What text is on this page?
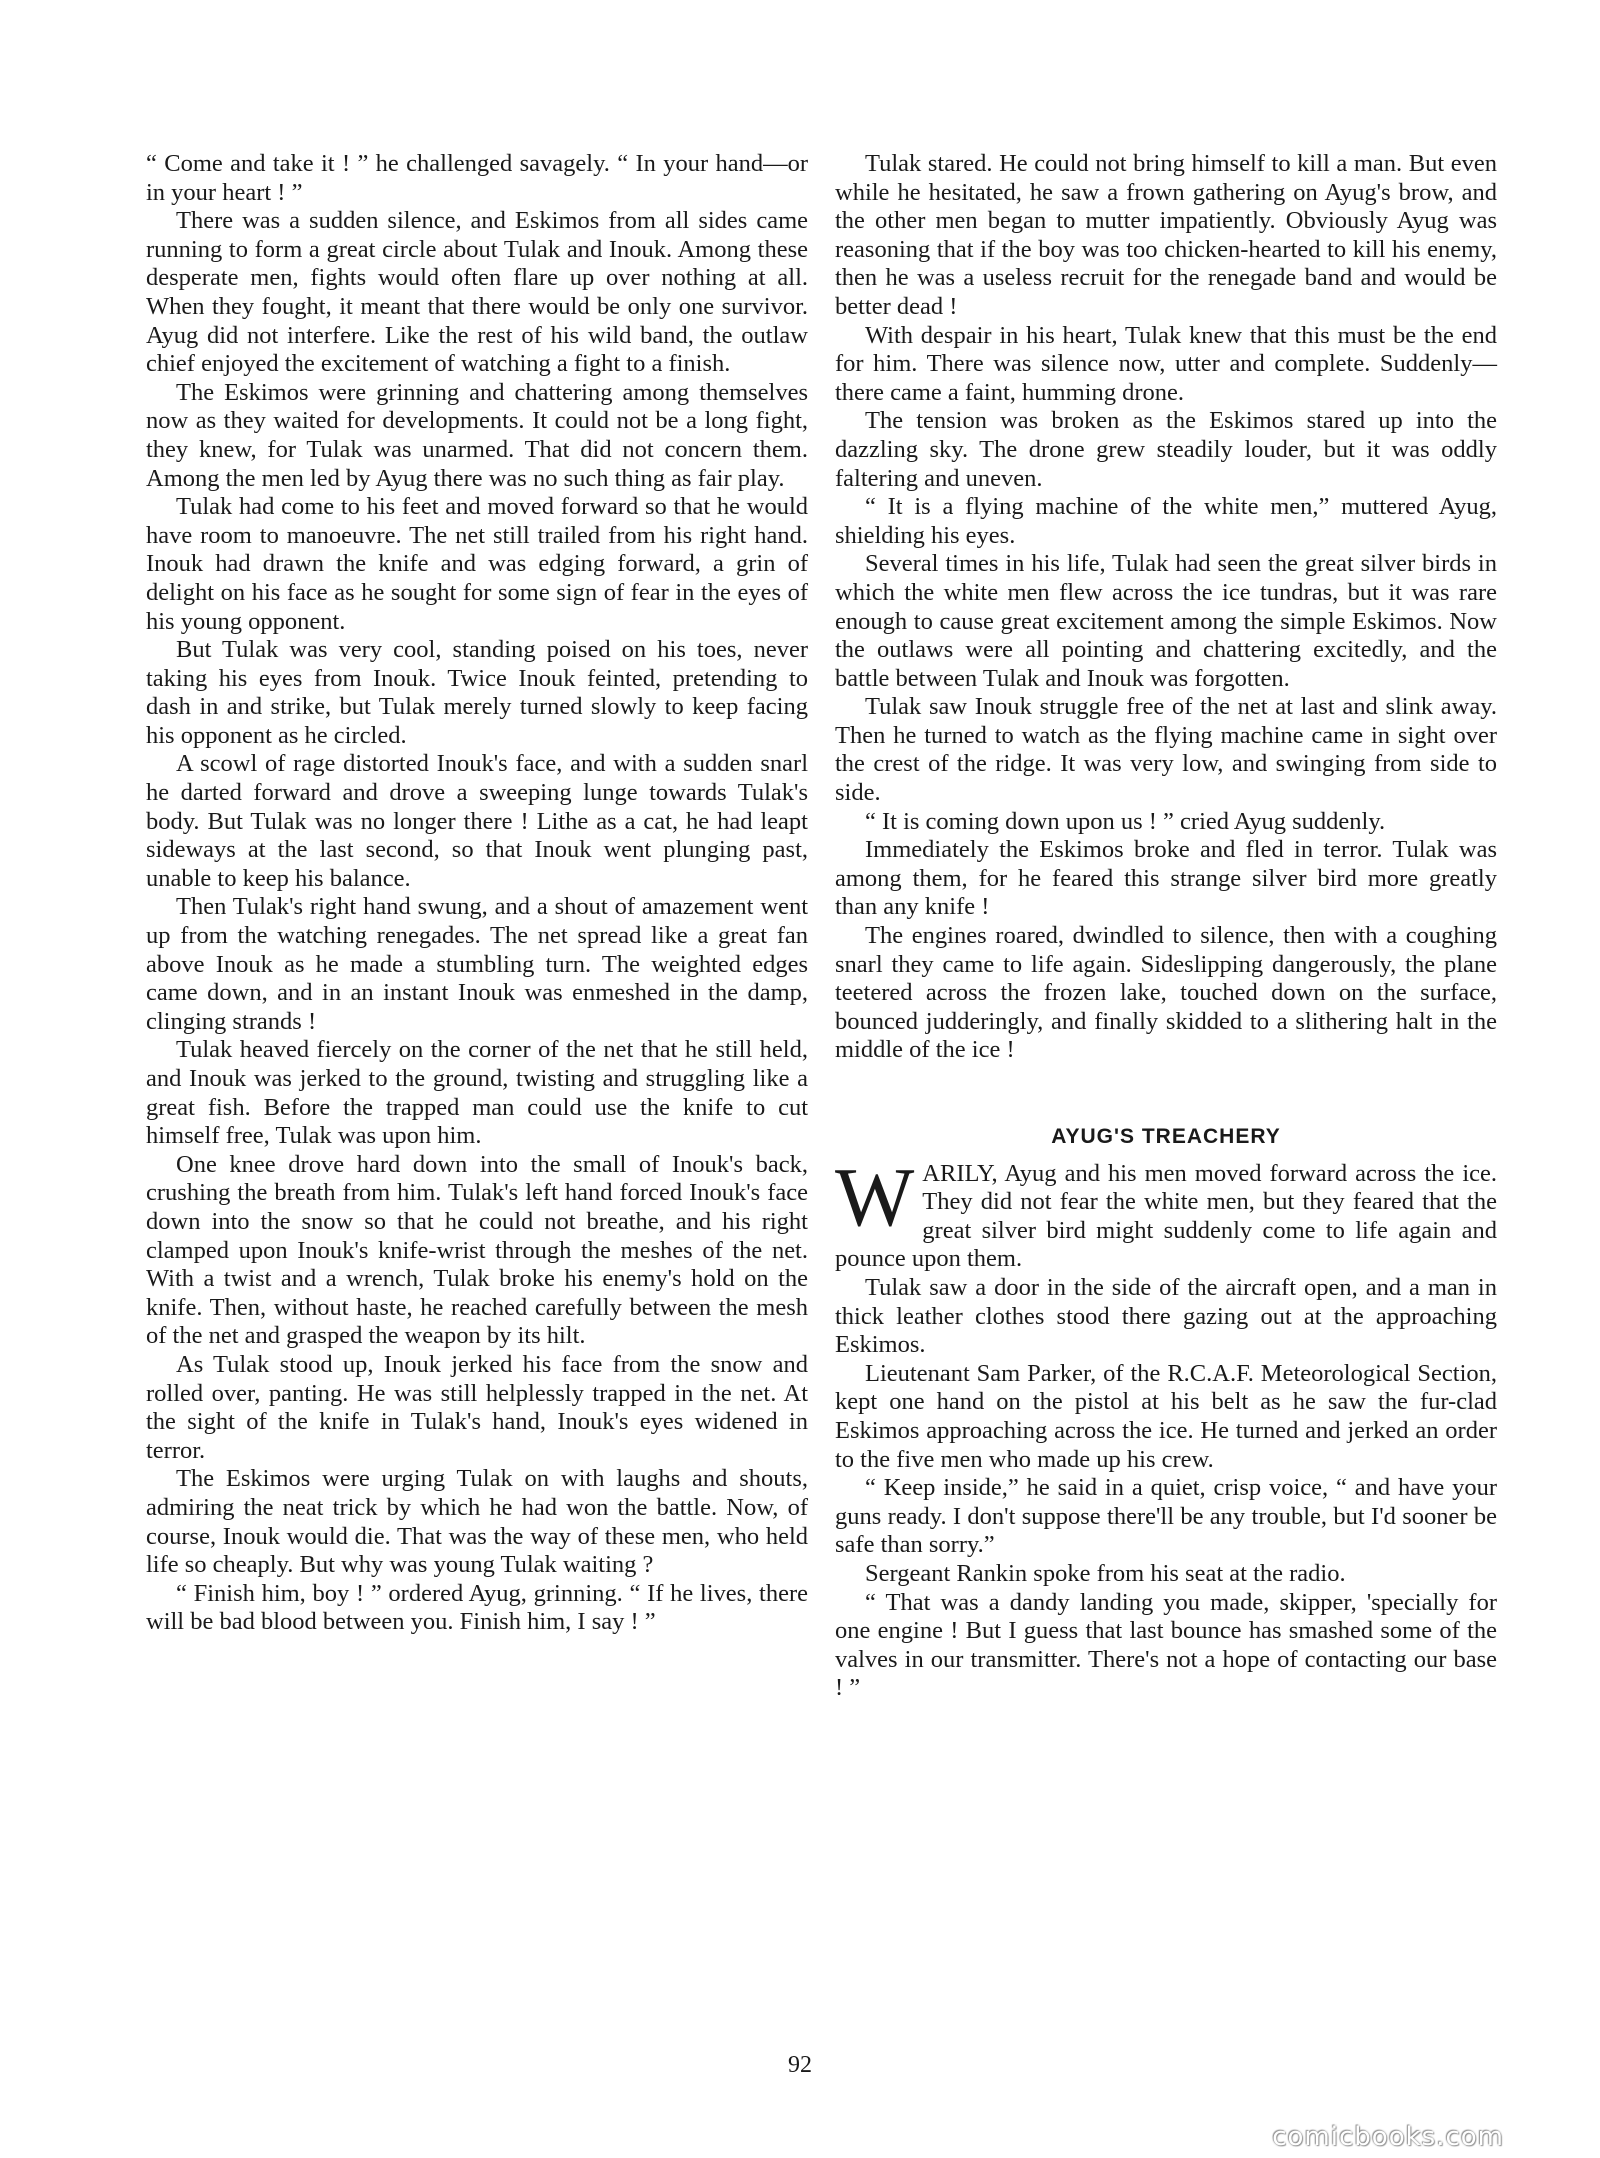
“ Come and take it ! ” he challenged savagely. “ In your hand—or in your heart ! ”

There was a sudden silence, and Eskimos from all sides came running to form a great circle about Tulak and Inouk. Among these desperate men, fights would often flare up over nothing at all. When they fought, it meant that there would be only one survivor. Ayug did not interfere. Like the rest of his wild band, the outlaw chief enjoyed the excitement of watching a fight to a finish.

The Eskimos were grinning and chattering among themselves now as they waited for developments. It could not be a long fight, they knew, for Tulak was unarmed. That did not concern them. Among the men led by Ayug there was no such thing as fair play.

Tulak had come to his feet and moved forward so that he would have room to manoeuvre. The net still trailed from his right hand. Inouk had drawn the knife and was edging forward, a grin of delight on his face as he sought for some sign of fear in the eyes of his young opponent.

But Tulak was very cool, standing poised on his toes, never taking his eyes from Inouk. Twice Inouk feinted, pretending to dash in and strike, but Tulak merely turned slowly to keep facing his opponent as he circled.

A scowl of rage distorted Inouk's face, and with a sudden snarl he darted forward and drove a sweeping lunge towards Tulak's body. But Tulak was no longer there ! Lithe as a cat, he had leapt sideways at the last second, so that Inouk went plunging past, unable to keep his balance.

Then Tulak's right hand swung, and a shout of amazement went up from the watching renegades. The net spread like a great fan above Inouk as he made a stumbling turn. The weighted edges came down, and in an instant Inouk was enmeshed in the damp, clinging strands !

Tulak heaved fiercely on the corner of the net that he still held, and Inouk was jerked to the ground, twisting and struggling like a great fish. Before the trapped man could use the knife to cut himself free, Tulak was upon him.

One knee drove hard down into the small of Inouk's back, crushing the breath from him. Tulak's left hand forced Inouk's face down into the snow so that he could not breathe, and his right clamped upon Inouk's knife-wrist through the meshes of the net. With a twist and a wrench, Tulak broke his enemy's hold on the knife. Then, without haste, he reached carefully between the mesh of the net and grasped the weapon by its hilt.

As Tulak stood up, Inouk jerked his face from the snow and rolled over, panting. He was still helplessly trapped in the net. At the sight of the knife in Tulak's hand, Inouk's eyes widened in terror.

The Eskimos were urging Tulak on with laughs and shouts, admiring the neat trick by which he had won the battle. Now, of course, Inouk would die. That was the way of these men, who held life so cheaply. But why was young Tulak waiting ?

“ Finish him, boy ! ” ordered Ayug, grinning. “ If he lives, there will be bad blood between you. Finish him, I say ! ”

Tulak stared. He could not bring himself to kill a man. But even while he hesitated, he saw a frown gathering on Ayug's brow, and the other men began to mutter impatiently. Obviously Ayug was reasoning that if the boy was too chicken-hearted to kill his enemy, then he was a useless recruit for the renegade band and would be better dead !

With despair in his heart, Tulak knew that this must be the end for him. There was silence now, utter and complete. Suddenly—there came a faint, humming drone.

The tension was broken as the Eskimos stared up into the dazzling sky. The drone grew steadily louder, but it was oddly faltering and uneven.

“ It is a flying machine of the white men,” muttered Ayug, shielding his eyes.

Several times in his life, Tulak had seen the great silver birds in which the white men flew across the ice tundras, but it was rare enough to cause great excitement among the simple Eskimos. Now the outlaws were all pointing and chattering excitedly, and the battle between Tulak and Inouk was forgotten.

Tulak saw Inouk struggle free of the net at last and slink away. Then he turned to watch as the flying machine came in sight over the crest of the ridge. It was very low, and swinging from side to side.

“ It is coming down upon us ! ” cried Ayug suddenly.

Immediately the Eskimos broke and fled in terror. Tulak was among them, for he feared this strange silver bird more greatly than any knife !

The engines roared, dwindled to silence, then with a coughing snarl they came to life again. Sideslipping dangerously, the plane teetered across the frozen lake, touched down on the surface, bounced judderingly, and finally skidded to a slithering halt in the middle of the ice !

AYUG'S TREACHERY

WARILY, Ayug and his men moved forward across the ice. They did not fear the white men, but they feared that the great silver bird might suddenly come to life again and pounce upon them.

Tulak saw a door in the side of the aircraft open, and a man in thick leather clothes stood there gazing out at the approaching Eskimos.

Lieutenant Sam Parker, of the R.C.A.F. Meteorological Section, kept one hand on the pistol at his belt as he saw the fur-clad Eskimos approaching across the ice. He turned and jerked an order to the five men who made up his crew.

“ Keep inside,” he said in a quiet, crisp voice, “ and have your guns ready. I don't suppose there'll be any trouble, but I'd sooner be safe than sorry.”

Sergeant Rankin spoke from his seat at the radio.

“ That was a dandy landing you made, skipper, 'specially for one engine ! But I guess that last bounce has smashed some of the valves in our transmitter. There's not a hope of contacting our base ! ”

92
comicbooks.com
